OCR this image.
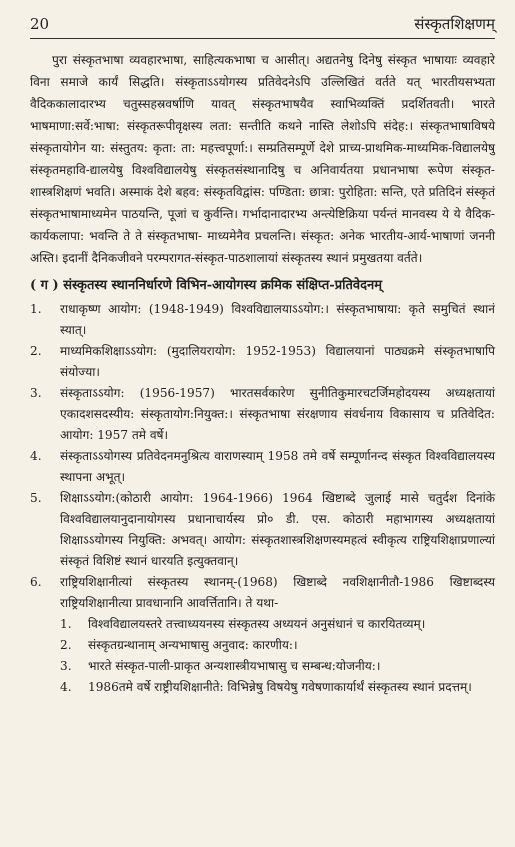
20	संस्कृतशिक्षणम्

पुरा संस्कृतभाषा व्यवहारभाषा, साहित्यकभाषा च आसीत्। अद्यतनेषु दिनेषु संस्कृत भाषायाः व्यवहारे विना समाजे कार्यं सिद्धति। संस्कृताऽऽयोगस्य प्रतिवेदनेऽपि उल्लिखितं वर्तते यत् भारतीयसभ्यता वैदिककालादारभ्य चतुस्सहस्रवर्षाणि यावत् संस्कृतभाषयैव स्वाभिव्यक्तिं प्रदर्शितवती। भारते भाषमाणा:सर्वे:भाषा: संस्कृतरूपीवृक्षस्य लता: सन्तीति कथने नास्ति लेशोऽपि संदेह:। संस्कृतभाषाविषये संस्कृतायोगेन या: संस्तुतय: कृता: ता: महत्त्वपूर्णा:। सम्प्रतिसम्पूर्णे देशे प्राच्य-प्राथमिक-माध्यमिक-विद्यालयेषु संस्कृतमहावि-द्यालयेषु विश्वविद्यालयेषु संस्कृतसंस्थानादिषु च अनिवार्यतया प्रधानभाषा रूपेण संस्कृत-शास्त्रशिक्षणं भवति। अस्माकं देशे बहव: संस्कृतविद्वांस: पण्डिता: छात्रा: पुरोहिता: सन्ति, एते प्रतिदिनं संस्कृतं संस्कृतभाषामाध्यमेन पाठयन्ति, पूजां च कुर्वन्ति। गर्भादानादारभ्य अन्त्येष्टिक्रिया पर्यन्तं मानवस्य ये ये वैदिक-कार्यकलापा: भवन्ति ते ते संस्कृतभाषा- माध्यमेनैव प्रचलन्ति। संस्कृत: अनेक भारतीय-आर्य-भाषाणां जननी अस्ति। इदानीं दैनिकजीवने परम्परागत-संस्कृत-पाठशालायां संस्कृतस्य स्थानं प्रमुखतया वर्तते।

( ग ) संस्कृतस्य स्थाननिर्धारणे विभिन-आयोगस्य क्रमिक संक्षिप्त-प्रतिवेदनम्
1.	राधाकृष्ण आयोग: (1948-1949) विश्वविद्यालयाऽऽयोग:। संस्कृतभाषाया: कृते समुचितं स्थानं स्यात्।
2.	माध्यमिकशिक्षाऽऽयोग: (मुदालियरायोग: 1952-1953) विद्यालयानां पाठ्यक्रमे संस्कृतभाषापि संयोज्या।
3.	संस्कृताऽऽयोग: (1956-1957) भारतसर्वकारेण सुनीतिकुमारचटर्जिमहोदयस्य अध्यक्षतायां एकादशसदस्यीय: संस्कृतायोग:नियुक्त:। संस्कृतभाषा संरक्षणाय संवर्धनाय विकासाय च प्रतिवेदित: आयोग: 1957 तमे वर्षे।
4.	संस्कृताऽऽयोगस्य प्रतिवेदनमनुश्रित्य वाराणस्याम् 1958 तमे वर्षे सम्पूर्णानन्द संस्कृत विश्वविद्यालयस्य स्थापना अभूत्।
5.	शिक्षाऽऽयोग:(कोठारी आयोग: 1964-1966) 1964 खिष्टाब्दे जुलाई मासे चतुर्दश दिनांके विश्वविद्यालयानुदानायोगस्य प्रधानाचार्यस्य प्रो० डी. एस. कोठारी महाभागस्य अध्यक्षतायां शिक्षाऽऽयोगस्य नियुक्ति: अभवत्। आयोग: संस्कृतशास्त्रशिक्षणस्यमहत्वं स्वीकृत्य राष्ट्रियशिक्षाप्रणाल्यां संस्कृतं विशिष्टं स्थानं धारयति इत्युक्तवान्।
6.	राष्ट्रियशिक्षानीत्यां संस्कृतस्य स्थानम्-(1968) खिष्टाब्दे नवशिक्षानीतौ-1986 खिष्टाब्दस्य राष्ट्रियशिक्षानीत्या प्रावधानानि आवर्त्तितानि। ते यथा-
1.	विश्वविद्यालयस्तरे तत्त्वाध्ययनस्य संस्कृतस्य अध्ययनं अनुसंधानं च कारयितव्यम्।
2.	संस्कृतग्रन्थानाम् अन्यभाषासु अनुवाद: कारणीय:।
3.	भारते संस्कृत-पाली-प्राकृत अन्यशास्त्रीयभाषासु च सम्बन्ध:योजनीय:।
4.	1986तमे वर्षे राष्ट्रीयशिक्षानीते: विभिन्नेषु विषयेषु गवेषणाकार्यार्थं संस्कृतस्य स्थानं प्रदत्तम्।
